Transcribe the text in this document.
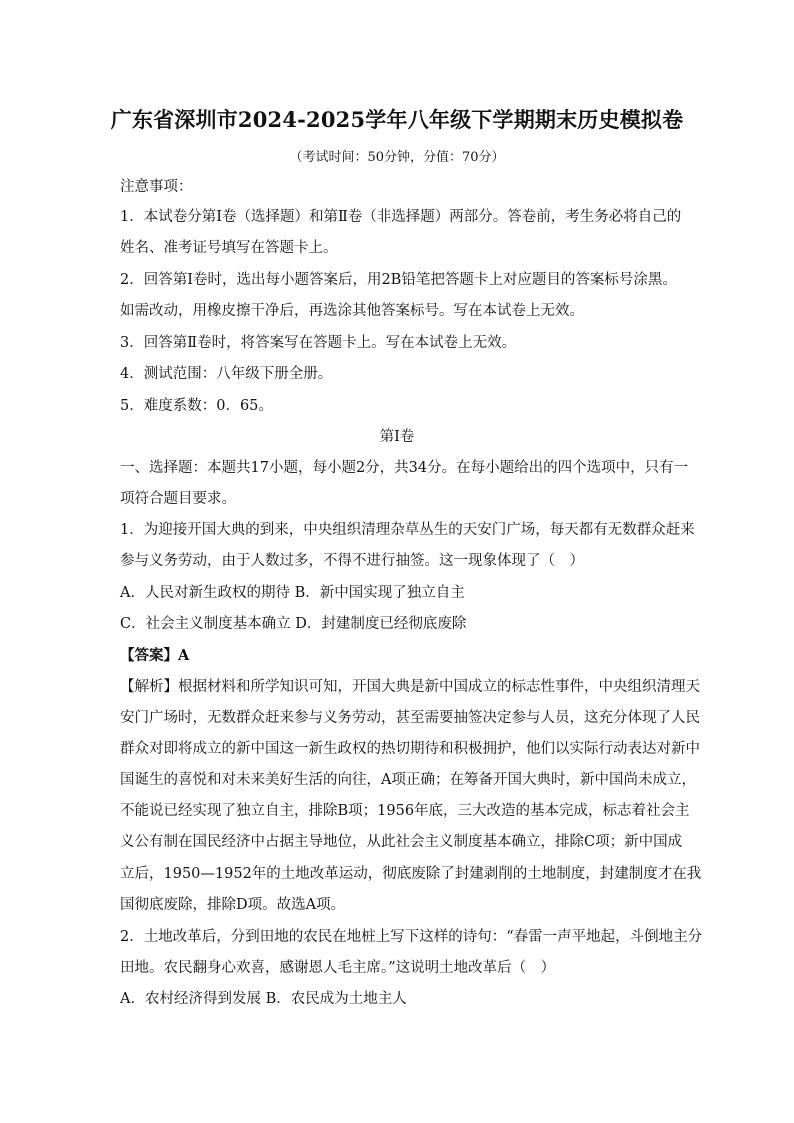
广东省深圳市2024-2025学年八年级下学期期末历史模拟卷
（考试时间：50分钟，分值：70分）
注意事项：
1．本试卷分第Ⅰ卷（选择题）和第Ⅱ卷（非选择题）两部分。答卷前，考生务必将自己的
姓名、准考证号填写在答题卡上。
2．回答第Ⅰ卷时，选出每小题答案后，用2B铅笔把答题卡上对应题目的答案标号涂黑。
如需改动，用橡皮擦干净后，再选涂其他答案标号。写在本试卷上无效。
3．回答第Ⅱ卷时，将答案写在答题卡上。写在本试卷上无效。
4．测试范围：八年级下册全册。
5．难度系数：0．65。
第Ⅰ卷
一、选择题：本题共17小题，每小题2分，共34分。在每小题给出的四个选项中，只有一
项符合题目要求。
1．为迎接开国大典的到来，中央组织清理杂草丛生的天安门广场，每天都有无数群众赶来
参与义务劳动，由于人数过多，不得不进行抽签。这一现象体现了（　）
A．人民对新生政权的期待 B．新中国实现了独立自主
C．社会主义制度基本确立 D．封建制度已经彻底废除
【答案】A
【解析】根据材料和所学知识可知，开国大典是新中国成立的标志性事件，中央组织清理天
安门广场时，无数群众赶来参与义务劳动，甚至需要抽签决定参与人员，这充分体现了人民
群众对即将成立的新中国这一新生政权的热切期待和积极拥护，他们以实际行动表达对新中
国诞生的喜悦和对未来美好生活的向往，A项正确；在筹备开国大典时，新中国尚未成立，
不能说已经实现了独立自主，排除B项；1956年底，三大改造的基本完成，标志着社会主
义公有制在国民经济中占据主导地位，从此社会主义制度基本确立，排除C项；新中国成
立后，1950—1952年的土地改革运动，彻底废除了封建剥削的土地制度，封建制度才在我
国彻底废除，排除D项。故选A项。
2．土地改革后，分到田地的农民在地桩上写下这样的诗句：“春雷一声平地起，斗倒地主分
田地。农民翻身心欢喜，感谢恩人毛主席。”这说明土地改革后（　）
A．农村经济得到发展 B．农民成为土地主人
